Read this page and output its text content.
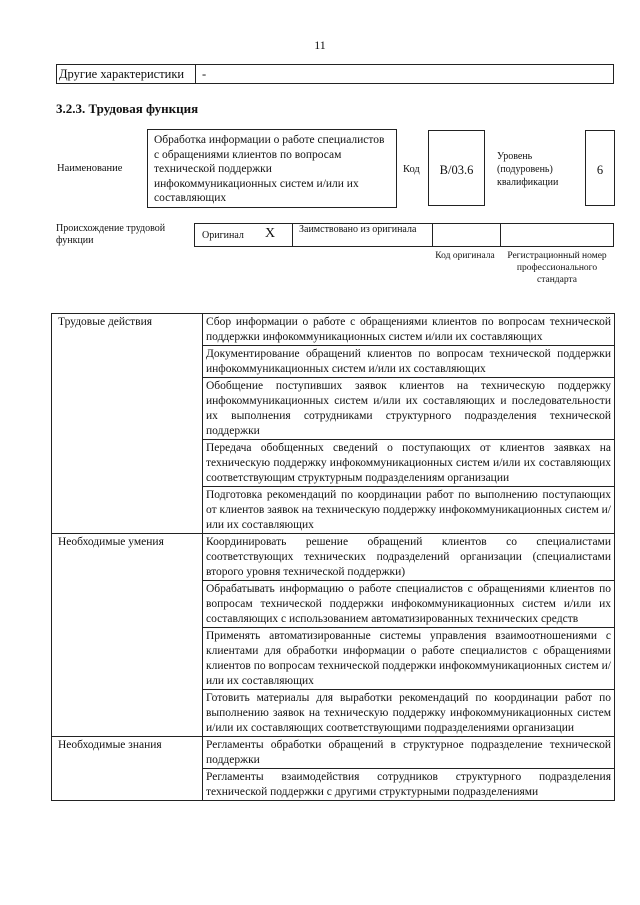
11
Другие характеристики -
3.2.3. Трудовая функция
Наименование
Обработка информации о работе специалистов с обращениями клиентов по вопросам технической поддержки инфокоммуникационных систем и/или их составляющих
Код	B/03.6
Уровень (подуровень) квалификации
6
Происхождение трудовой функции	Оригинал X Заимствовано из оригинала
Код оригинала	Регистрационный номер профессионального стандарта
Трудовые действия	Сбор информации о работе с обращениями клиентов по вопросам технической поддержки инфокоммуникационных систем и/или их составляющих
	Документирование обращений клиентов по вопросам технической поддержки инфокоммуникационных систем и/или их составляющих
	Обобщение поступивших заявок клиентов на техническую поддержку инфокоммуникационных систем и/или их составляющих и последовательности их выполнения сотрудниками структурного подразделения технической поддержки
	Передача обобщенных сведений о поступающих от клиентов заявках на техническую поддержку инфокоммуникационных систем и/или их составляющих соответствующим структурным подразделениям организации
	Подготовка рекомендаций по координации работ по выполнению поступающих от клиентов заявок на техническую поддержку инфокоммуникационных систем и/или их составляющих
Необходимые умения	Координировать решение обращений клиентов со специалистами соответствующих технических подразделений организации (специалистами второго уровня технической поддержки)
	Обрабатывать информацию о работе специалистов с обращениями клиентов по вопросам технической поддержки инфокоммуникационных систем и/или их составляющих с использованием автоматизированных технических средств
	Применять автоматизированные системы управления взаимоотношениями с клиентами для обработки информации о работе специалистов с обращениями клиентов по вопросам технической поддержки инфокоммуникационных систем и/или их составляющих
	Готовить материалы для выработки рекомендаций по координации работ по выполнению заявок на техническую поддержку инфокоммуникационных систем и/или их составляющих соответствующими подразделениями организации
Необходимые знания	Регламенты обработки обращений в структурное подразделение технической поддержки
	Регламенты взаимодействия сотрудников структурного подразделения технической поддержки с другими структурными подразделениями
